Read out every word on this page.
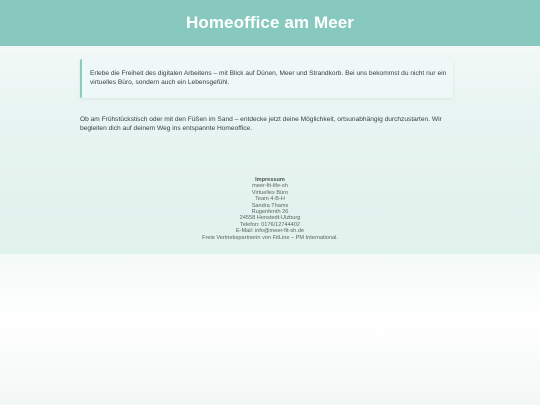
Homeoffice am Meer

Erlebe die Freiheit des digitalen Arbeitens – mit Blick auf Dünen, Meer und Strandkorb. Bei uns bekommst du nicht nur ein virtuelles Büro, sondern auch ein Lebensgefühl.

Ob am Frühstückstisch oder mit den Füßen im Sand – entdecke jetzt deine Möglichkeit, ortsunabhängig durchzustarten. Wir begleiten dich auf deinem Weg ins entspannte Homeoffice.

Impressum
meer-fit-life-sh
Virtuelles Büro
Team 4-B-H
Sandra Thams
Rugenfenth 26
24558 Henstedt-Ulzburg
Telefon: 0176/12744402
E-Mail: info@meer-fit-sh.de
Freie Vertriebspartnerin von FitLine – PM International.
